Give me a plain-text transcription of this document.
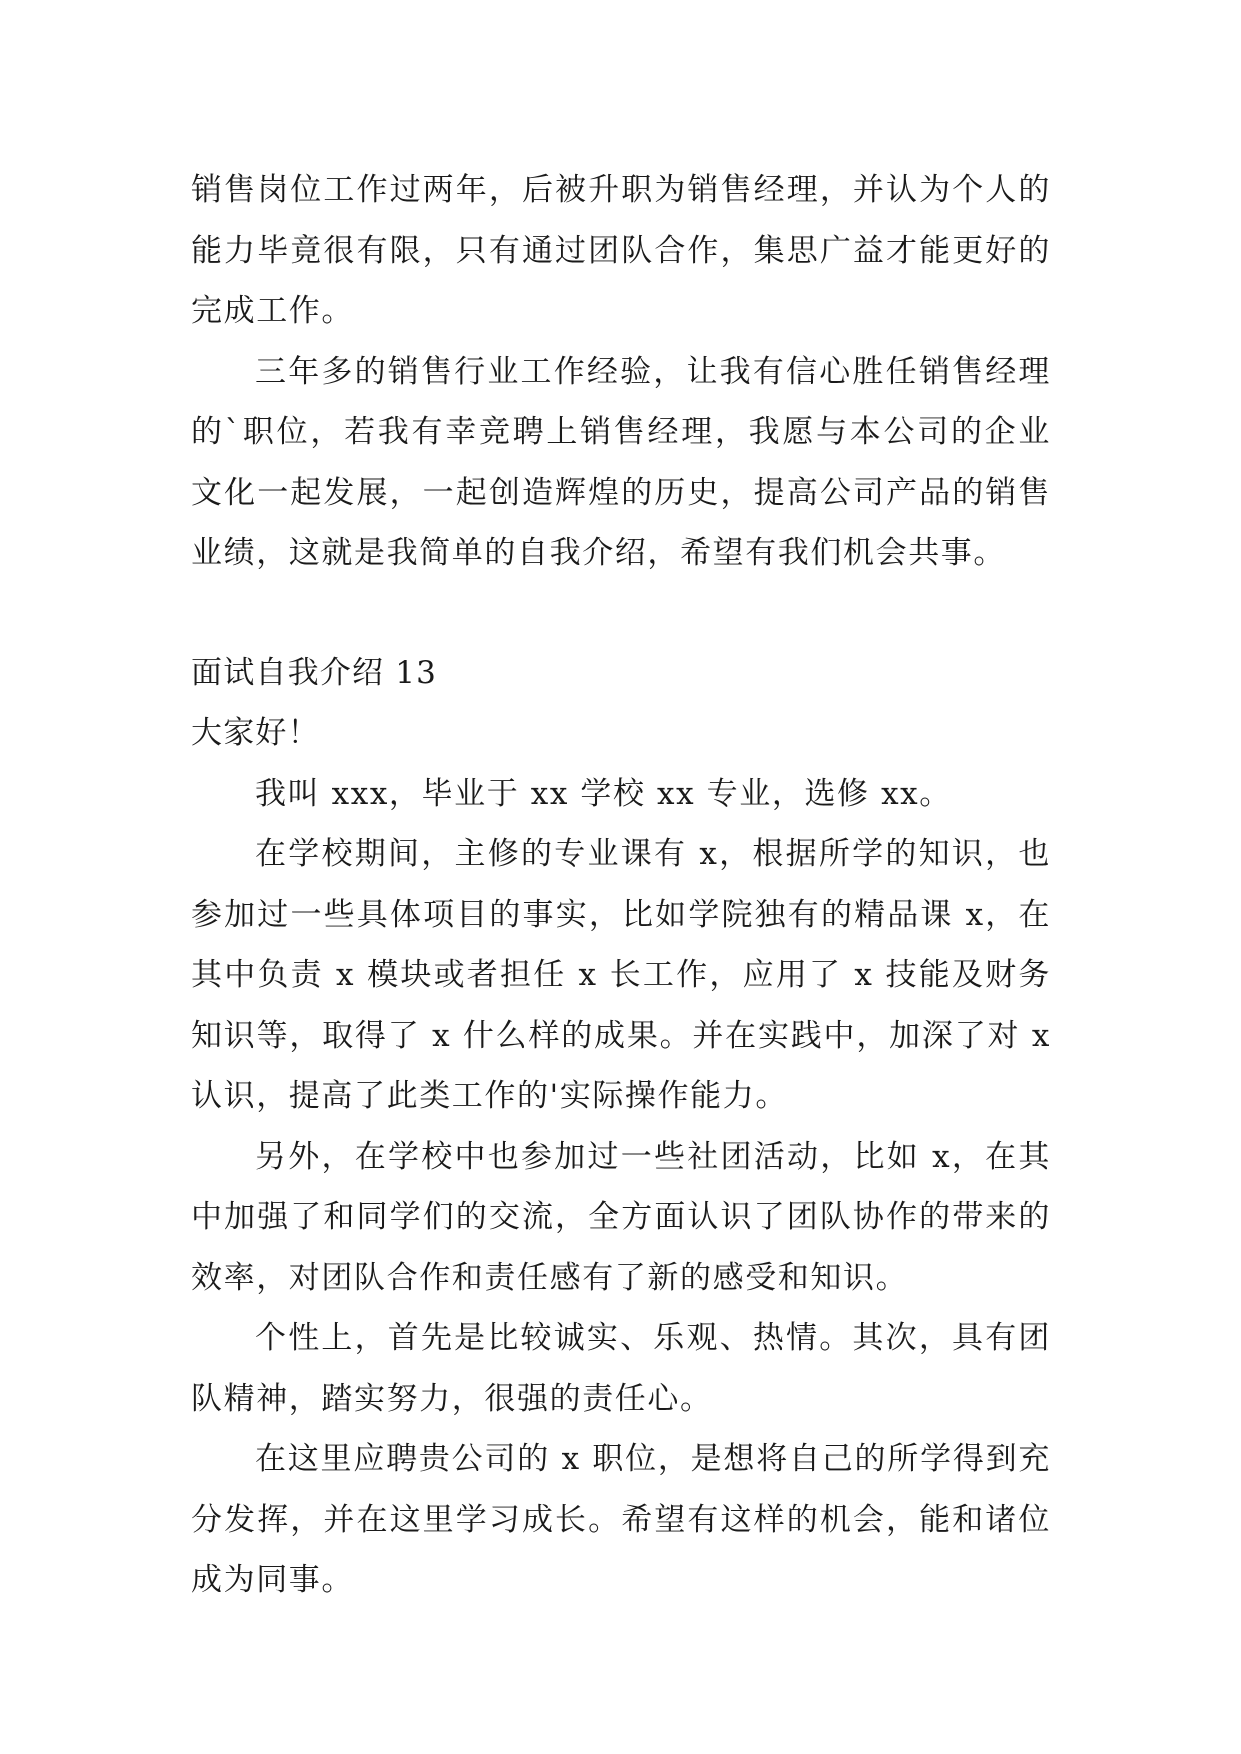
销售岗位工作过两年，后被升职为销售经理，并认为个人的能力毕竟很有限，只有通过团队合作，集思广益才能更好的完成工作。

三年多的销售行业工作经验，让我有信心胜任销售经理的`职位，若我有幸竞聘上销售经理，我愿与本公司的企业文化一起发展，一起创造辉煌的历史，提高公司产品的销售业绩，这就是我简单的自我介绍，希望有我们机会共事。

面试自我介绍 13

大家好！

我叫 xxx，毕业于 xx 学校 xx 专业，选修 xx。

在学校期间，主修的专业课有 x，根据所学的知识，也参加过一些具体项目的事实，比如学院独有的精品课 x，在其中负责 x 模块或者担任 x 长工作，应用了 x 技能及财务知识等，取得了 x 什么样的成果。并在实践中，加深了对 x 认识，提高了此类工作的'实际操作能力。

另外，在学校中也参加过一些社团活动，比如 x，在其中加强了和同学们的交流，全方面认识了团队协作的带来的效率，对团队合作和责任感有了新的感受和知识。

个性上，首先是比较诚实、乐观、热情。其次，具有团队精神，踏实努力，很强的责任心。

在这里应聘贵公司的 x 职位，是想将自己的所学得到充分发挥，并在这里学习成长。希望有这样的机会，能和诸位成为同事。
